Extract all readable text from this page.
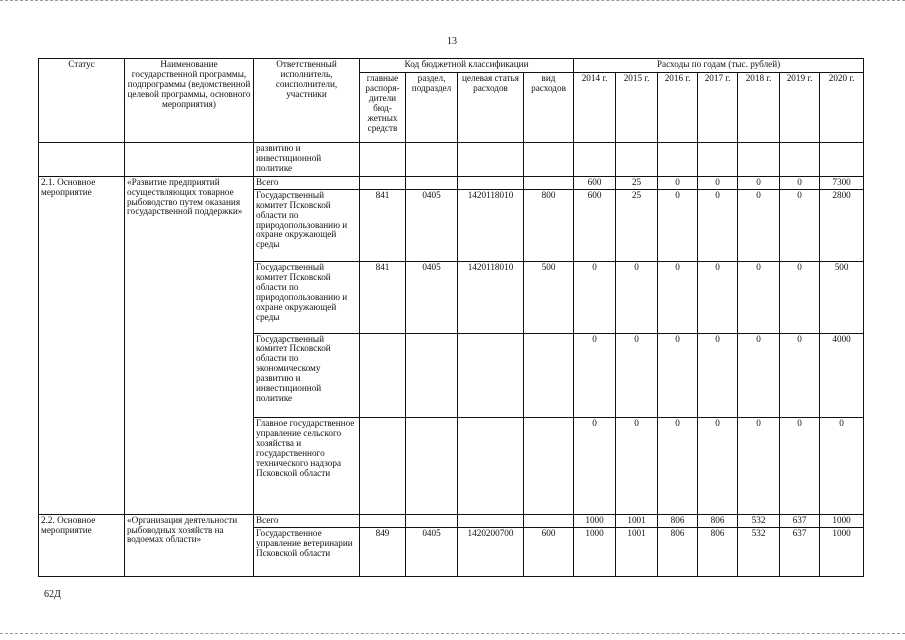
13
Статус	Наименование государственной программы, подпрограммы (ведомственной целевой программы, основного мероприятия)	Ответственный исполнитель, соисполнители, участники	Код бюджетной классификации				Расходы по годам (тыс. рублей)						
			главные распоря-дители бюд-жетных средств	раздел, подраздел	целевая статья расходов	вид расходов	2014 г.	2015 г.	2016 г.	2017 г.	2018 г.	2019 г.	2020 г.
		развитию и инвестиционной политике											
2.1. Основное мероприятие	«Развитие предприятий осуществляющих товарное рыбоводство путем оказания государственной поддержки»	Всего					600	25	0	0	0	0	7300
		Государственный комитет Псковской области по природопользованию и охране окружающей среды	841	0405	1420118010	800	600	25	0	0	0	0	2800
		Государственный комитет Псковской области по природопользованию и охране окружающей среды	841	0405	1420118010	500	0	0	0	0	0	0	500
		Государственный комитет Псковской области по экономическому развитию и инвестиционной политике					0	0	0	0	0	0	4000
		Главное государственное управление сельского хозяйства и государственного технического надзора Псковской области					0	0	0	0	0	0	0
2.2. Основное мероприятие	«Организация деятельности рыбоводных хозяйств на водоемах области»	Всего					1000	1001	806	806	532	637	1000
		Государственное управление ветеринарии Псковской области	849	0405	1420200700	600	1000	1001	806	806	532	637	1000
62Д
